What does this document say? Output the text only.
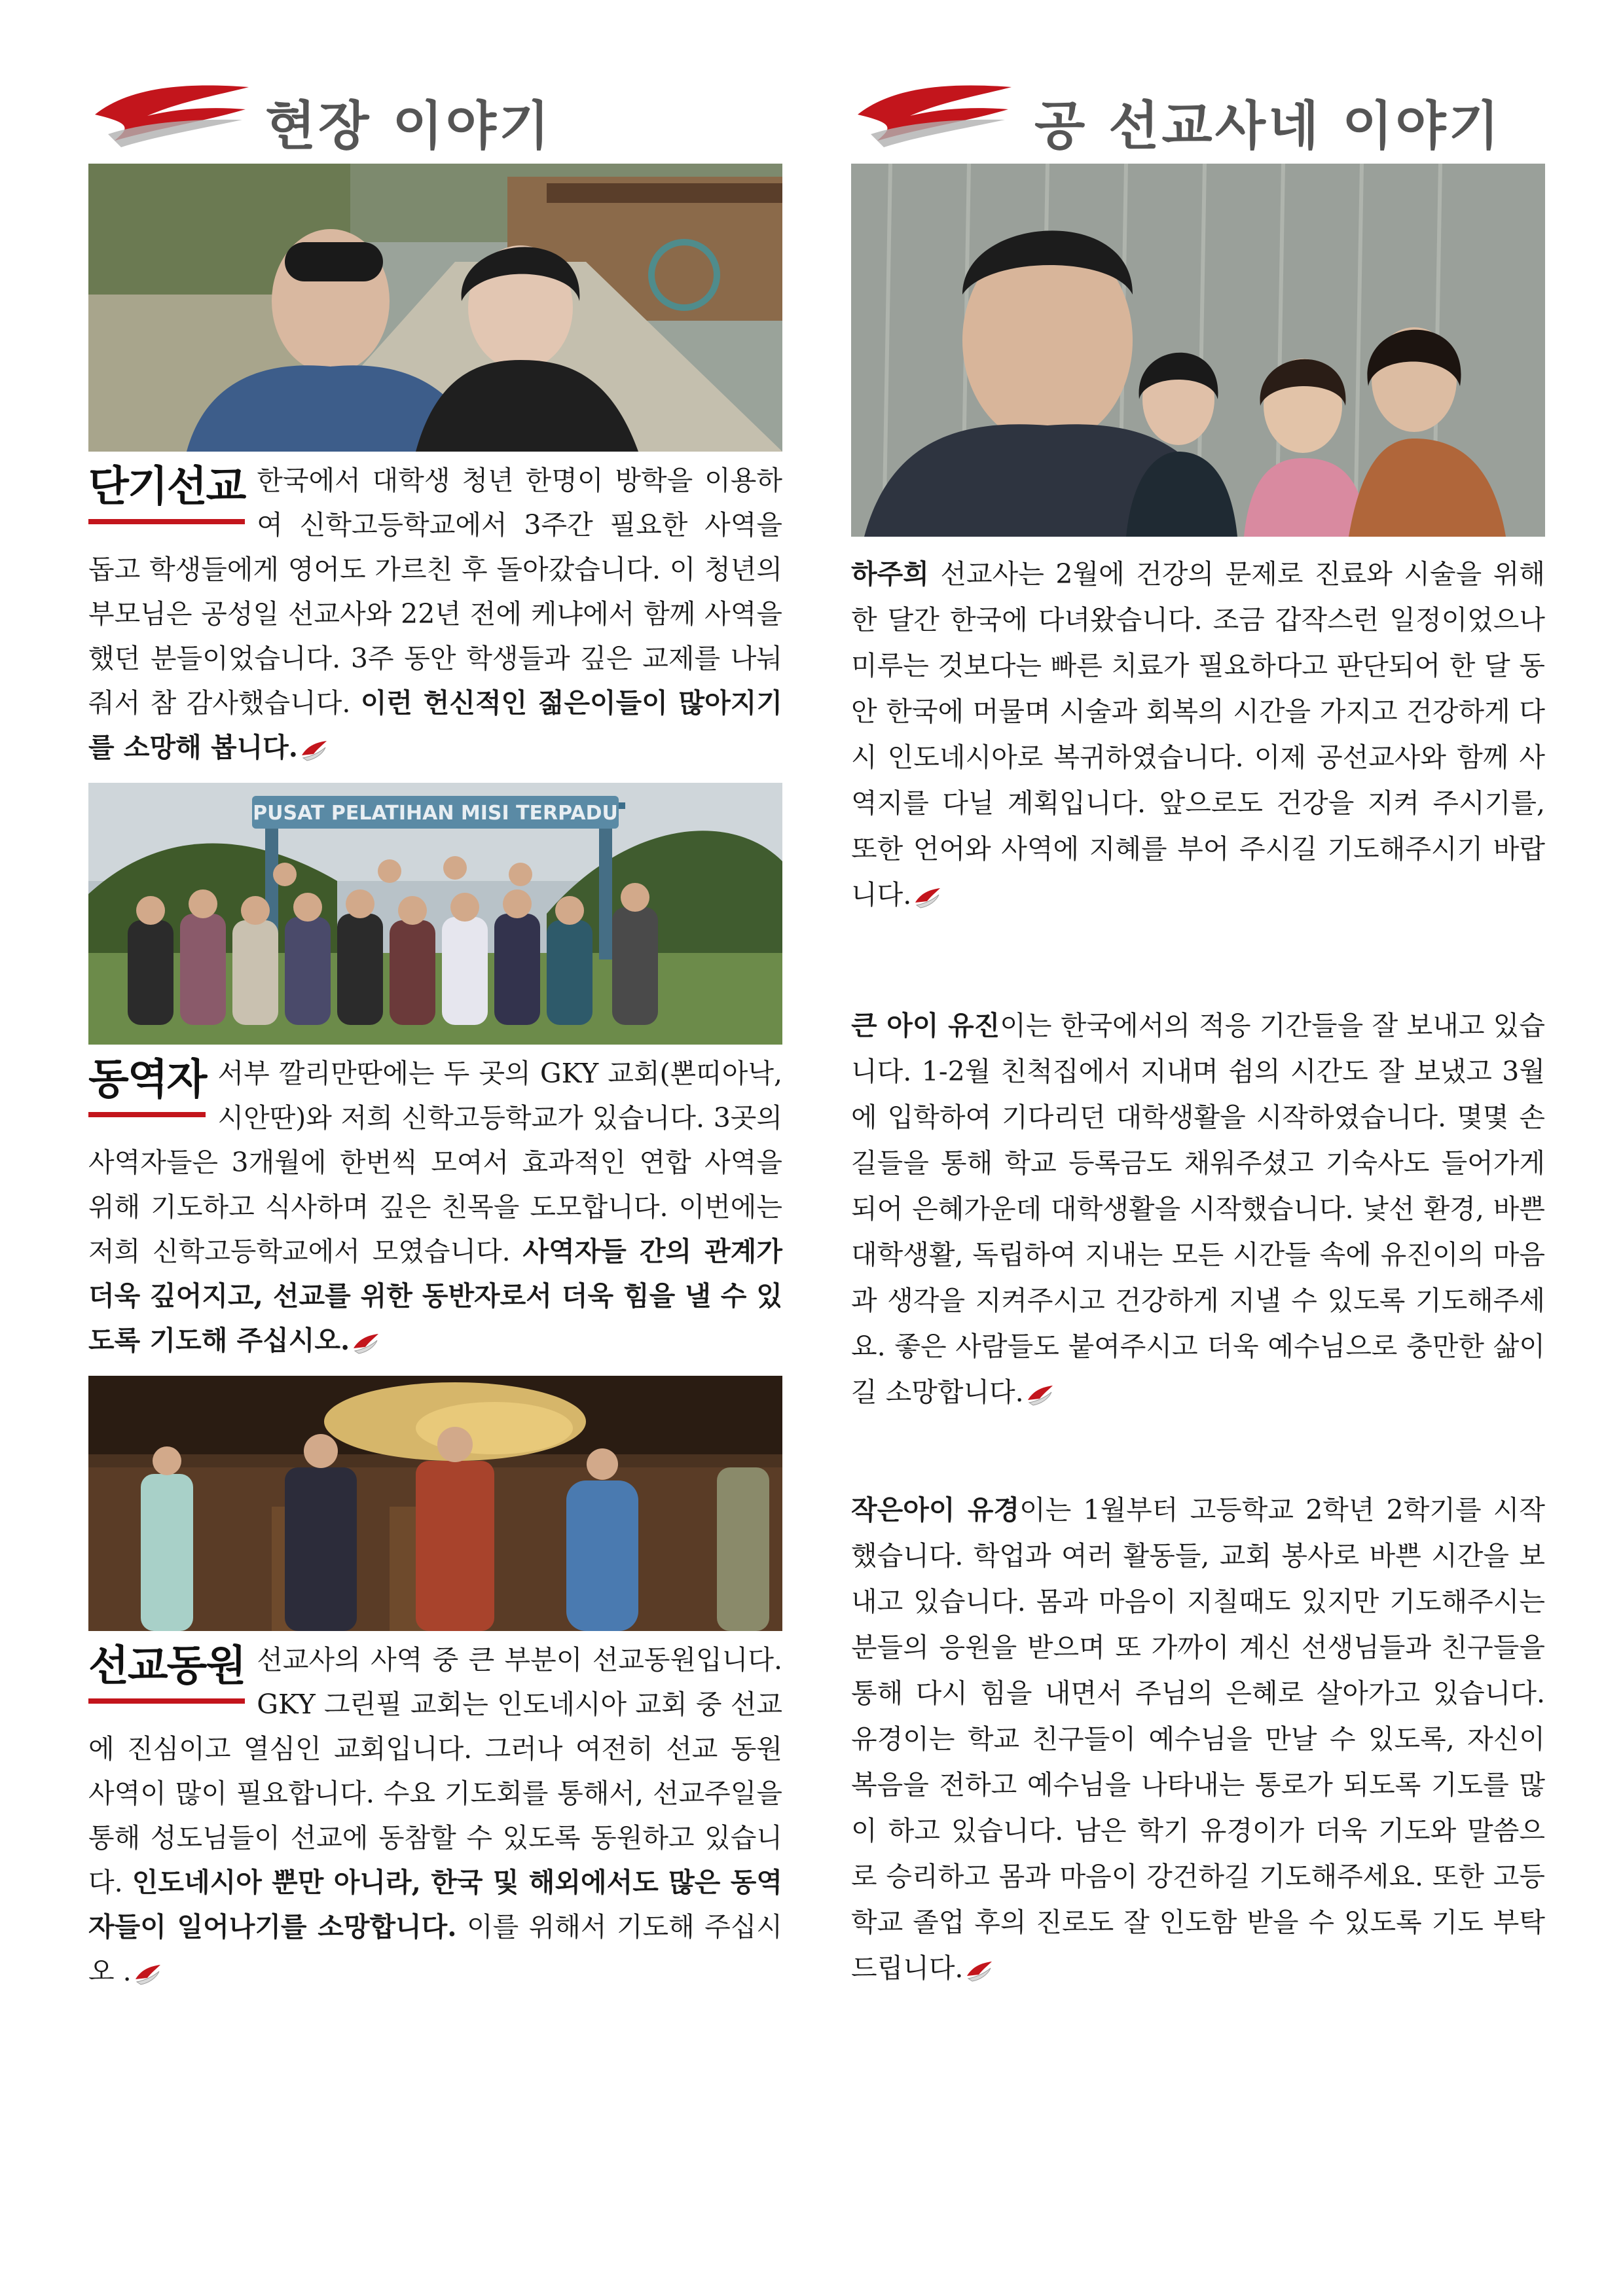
현장 이야기

단기선교 한국에서 대학생 청년 한명이 방학을 이용하여 신학고등학교에서 3주간 필요한 사역을 돕고 학생들에게 영어도 가르친 후 돌아갔습니다. 이 청년의 부모님은 공성일 선교사와 22년 전에 케냐에서 함께 사역을 했던 분들이었습니다. 3주 동안 학생들과 깊은 교제를 나눠줘서 참 감사했습니다. 이런 헌신적인 젊은이들이 많아지기를 소망해 봅니다.

PUSAT PELATIHAN MISI TERPADU

동역자 서부 깔리만딴에는 두 곳의 GKY 교회(뽄띠아낙, 시안딴)와 저희 신학고등학교가 있습니다. 3곳의 사역자들은 3개월에 한번씩 모여서 효과적인 연합 사역을 위해 기도하고 식사하며 깊은 친목을 도모합니다. 이번에는 저희 신학고등학교에서 모였습니다. 사역자들 간의 관계가 더욱 깊어지고, 선교를 위한 동반자로서 더욱 힘을 낼 수 있도록 기도해 주십시오.

선교동원 선교사의 사역 중 큰 부분이 선교동원입니다. GKY 그린필 교회는 인도네시아 교회 중 선교에 진심이고 열심인 교회입니다. 그러나 여전히 선교 동원 사역이 많이 필요합니다. 수요 기도회를 통해서, 선교주일을 통해 성도님들이 선교에 동참할 수 있도록 동원하고 있습니다. 인도네시아 뿐만 아니라, 한국 및 해외에서도 많은 동역자들이 일어나기를 소망합니다. 이를 위해서 기도해 주십시오 .

공 선교사네 이야기

하주희 선교사는 2월에 건강의 문제로 진료와 시술을 위해 한 달간 한국에 다녀왔습니다. 조금 갑작스런 일정이었으나 미루는 것보다는 빠른 치료가 필요하다고 판단되어 한 달 동안 한국에 머물며 시술과 회복의 시간을 가지고 건강하게 다시 인도네시아로 복귀하였습니다. 이제 공선교사와 함께 사역지를 다닐 계획입니다. 앞으로도 건강을 지켜 주시기를, 또한 언어와 사역에 지혜를 부어 주시길 기도해주시기 바랍니다.

큰 아이 유진이는 한국에서의 적응 기간들을 잘 보내고 있습니다. 1-2월 친척집에서 지내며 쉼의 시간도 잘 보냈고 3월에 입학하여 기다리던 대학생활을 시작하였습니다. 몇몇 손길들을 통해 학교 등록금도 채워주셨고 기숙사도 들어가게 되어 은혜가운데 대학생활을 시작했습니다. 낯선 환경, 바쁜 대학생활, 독립하여 지내는 모든 시간들 속에 유진이의 마음과 생각을 지켜주시고 건강하게 지낼 수 있도록 기도해주세요. 좋은 사람들도 붙여주시고 더욱 예수님으로 충만한 삶이길 소망합니다.

작은아이 유경이는 1월부터 고등학교 2학년 2학기를 시작했습니다. 학업과 여러 활동들, 교회 봉사로 바쁜 시간을 보내고 있습니다. 몸과 마음이 지칠때도 있지만 기도해주시는 분들의 응원을 받으며 또 가까이 계신 선생님들과 친구들을 통해 다시 힘을 내면서 주님의 은혜로 살아가고 있습니다. 유경이는 학교 친구들이 예수님을 만날 수 있도록, 자신이 복음을 전하고 예수님을 나타내는 통로가 되도록 기도를 많이 하고 있습니다. 남은 학기 유경이가 더욱 기도와 말씀으로 승리하고 몸과 마음이 강건하길 기도해주세요. 또한 고등학교 졸업 후의 진로도 잘 인도함 받을 수 있도록 기도 부탁드립니다.
